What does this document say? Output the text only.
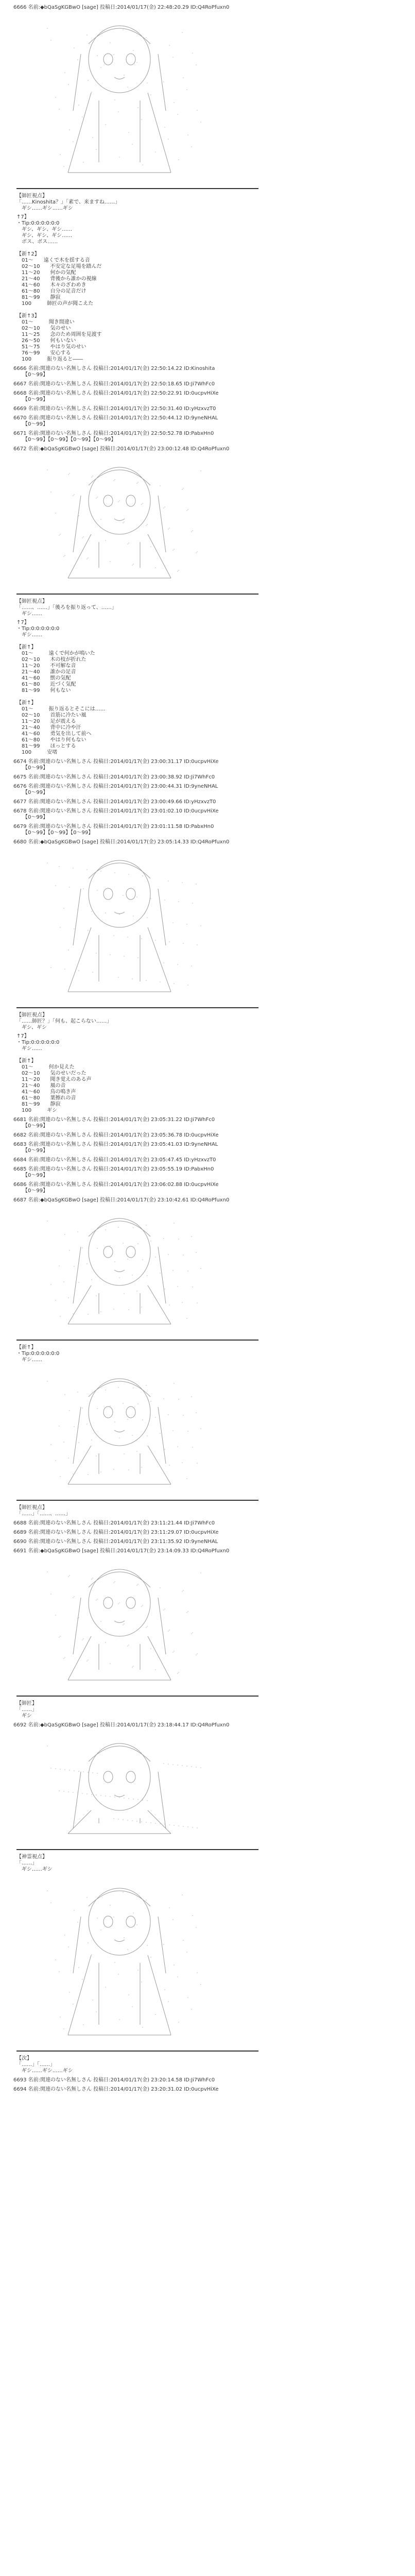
6666 名前:◆bQaSgKGBwO [sage] 投稿日:2014/01/17(金) 22:48:20.29 ID:Q4RoPfuxn0
【師匠視点】
「……Kinoshita？」「素で、来ますね……」
　ギシ……ギシ……ギシ
↑7】
・Tip:0:0:0:0:0:0
　ギシ、ギシ、ギシ……
　ギシ、ギシ、ギシ……
　ボス、ボス……

【新↑2】
　01～　　遠くで木を揺する音
　02～10　　不安定な足場を踏んだ
　11～20　　何かの気配
　21～40　　背後から誰かの視線
　41～60　　木々のざわめき
　61～80　　自分の足音だけ
　81～99　　静寂
　100　　　師匠の声が聞こえた

【新↑3】
　01～　　　聞き間違い
　02～10　　気のせい
　11～25　　念のため周囲を見渡す
　26～50　　何もいない
　51～75　　やはり気のせい
　76～99　　安心する
　100　　　振り返ると――
6666 名前:関連のない名無しさん 投稿日:2014/01/17(金) 22:50:14.22 ID:Kinoshita
【0〜99】
6667 名前:関連のない名無しさん 投稿日:2014/01/17(金) 22:50:18.65 ID:Ji7WhFc0
6668 名前:関連のない名無しさん 投稿日:2014/01/17(金) 22:50:22.91 ID:0ucpvHiXe
【0〜99】
6669 名前:関連のない名無しさん 投稿日:2014/01/17(金) 22:50:31.40 ID:yHzxvzT0
6670 名前:関連のない名無しさん 投稿日:2014/01/17(金) 22:50:44.12 ID:9yneNHAL
【0〜99】
6671 名前:関連のない名無しさん 投稿日:2014/01/17(金) 22:50:52.78 ID:PabxHn0
【0〜99】【0〜99】【0〜99】【0〜99】
6672 名前:◆bQaSgKGBwO [sage] 投稿日:2014/01/17(金) 23:00:12.48 ID:Q4RoPfuxn0
【師匠視点】
「……、……」「後ろを振り返って、……」
　ギシ……
↑7】
・Tip:0:0:0:0:0:0
　ギシ……

【新↑】
　01～　　　遠くで何かが鳴いた
　02～10　　木の枝が折れた
　11～20　　不可解な音
　21～40　　誰かの足音
　41～60　　獣の気配
　61～80　　近づく気配
　81～99　　何もない

【新↑】
　01～　　　振り返るとそこには……
　02～10　　首筋に冷たい風
　11～20　　足が震える
　21～40　　背中に冷や汗
　41～60　　勇気を出して前へ
　61～80　　やはり何もない
　81～99　　ほっとする
　100　　　安堵
6674 名前:関連のない名無しさん 投稿日:2014/01/17(金) 23:00:31.17 ID:0ucpvHiXe
【0〜99】
6675 名前:関連のない名無しさん 投稿日:2014/01/17(金) 23:00:38.92 ID:Ji7WhFc0
6676 名前:関連のない名無しさん 投稿日:2014/01/17(金) 23:00:44.31 ID:9yneNHAL
【0〜99】
6677 名前:関連のない名無しさん 投稿日:2014/01/17(金) 23:00:49.66 ID:yHzxvzT0
6678 名前:関連のない名無しさん 投稿日:2014/01/17(金) 23:01:02.10 ID:0ucpvHiXe
【0〜99】
6679 名前:関連のない名無しさん 投稿日:2014/01/17(金) 23:01:11.58 ID:PabxHn0
【0〜99】【0〜99】【0〜99】
6680 名前:◆bQaSgKGBwO [sage] 投稿日:2014/01/17(金) 23:05:14.33 ID:Q4RoPfuxn0
【師匠視点】
「……師匠？」「何も、起こらない……」
　ギシ、ギシ
↑7】
・Tip:0:0:0:0:0:0
　ギシ……

【新↑】
　01～　　　何か見えた
　02～10　　気のせいだった
　11～20　　聞き覚えのある声
　21～40　　風の音
　41～60　　鳥の鳴き声
　61～80　　葉擦れの音
　81～99　　静寂
　100　　　ギシ
6681 名前:関連のない名無しさん 投稿日:2014/01/17(金) 23:05:31.22 ID:Ji7WhFc0
【0〜99】
6682 名前:関連のない名無しさん 投稿日:2014/01/17(金) 23:05:36.78 ID:0ucpvHiXe
6683 名前:関連のない名無しさん 投稿日:2014/01/17(金) 23:05:41.03 ID:9yneNHAL
【0〜99】
6684 名前:関連のない名無しさん 投稿日:2014/01/17(金) 23:05:47.45 ID:yHzxvzT0
6685 名前:関連のない名無しさん 投稿日:2014/01/17(金) 23:05:55.19 ID:PabxHn0
【0〜99】
6686 名前:関連のない名無しさん 投稿日:2014/01/17(金) 23:06:02.88 ID:0ucpvHiXe
【0〜99】
6687 名前:◆bQaSgKGBwO [sage] 投稿日:2014/01/17(金) 23:10:42.61 ID:Q4RoPfuxn0
【新↑】
・Tip:0:0:0:0:0:0
　ギシ……
【師匠視点】
「……」「……、……」
6688 名前:関連のない名無しさん 投稿日:2014/01/17(金) 23:11:21.44 ID:Ji7WhFc0
6689 名前:関連のない名無しさん 投稿日:2014/01/17(金) 23:11:29.07 ID:0ucpvHiXe
6690 名前:関連のない名無しさん 投稿日:2014/01/17(金) 23:11:35.92 ID:9yneNHAL
6691 名前:◆bQaSgKGBwO [sage] 投稿日:2014/01/17(金) 23:14:09.33 ID:Q4RoPfuxn0
【師匠】
「……」
　ギシ
6692 名前:◆bQaSgKGBwO [sage] 投稿日:2014/01/17(金) 23:18:44.17 ID:Q4RoPfuxn0
【神霊視点】
「……」
　ギシ……ギシ
【次】
「……」「……」
　ギシ……ギシ……ギシ
6693 名前:関連のない名無しさん 投稿日:2014/01/17(金) 23:20:14.58 ID:Ji7WhFc0
6694 名前:関連のない名無しさん 投稿日:2014/01/17(金) 23:20:31.02 ID:0ucpvHiXe
